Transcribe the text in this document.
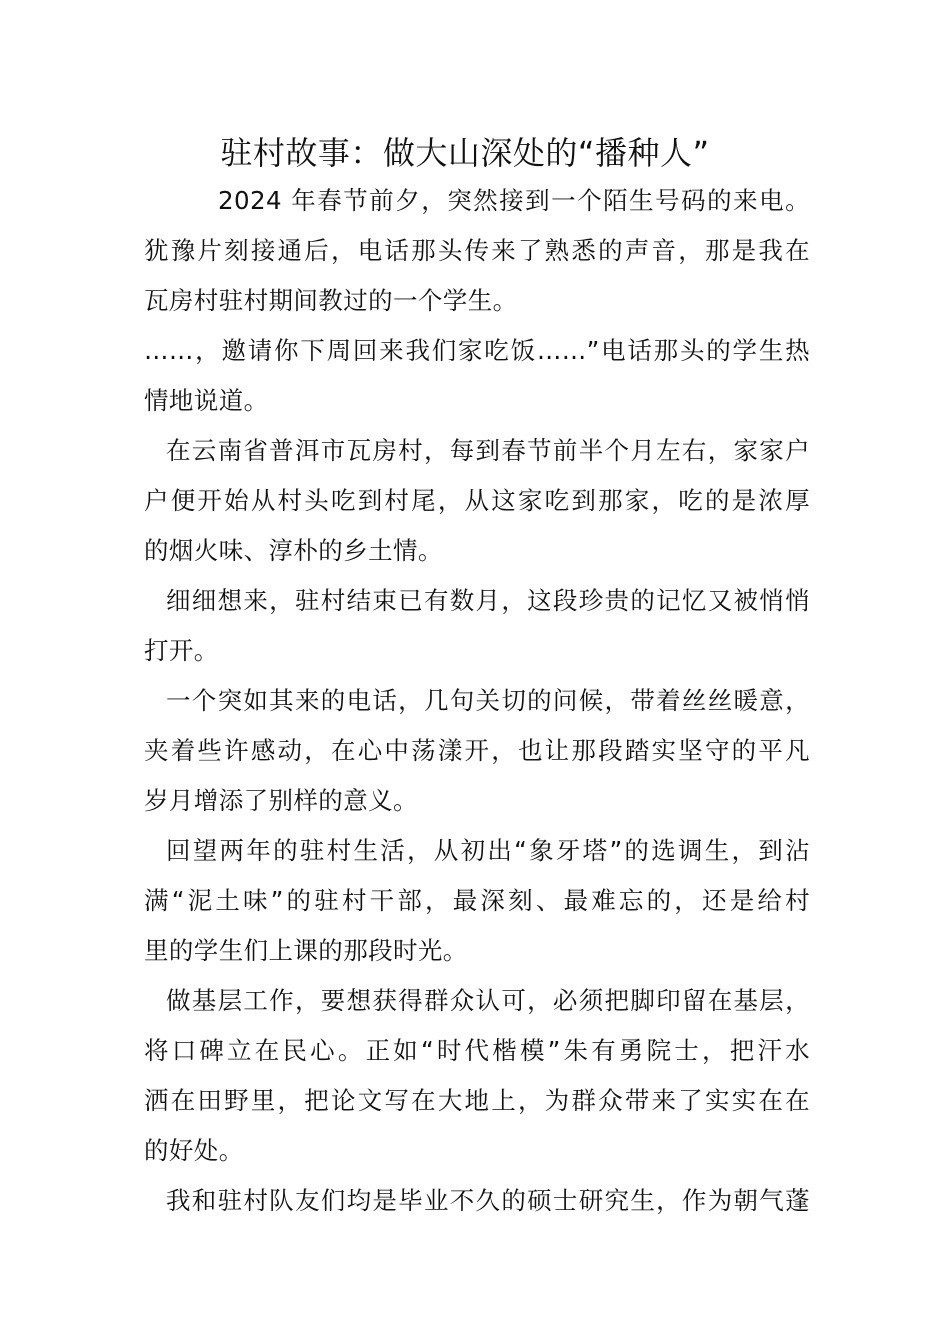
驻村故事：做大山深处的“播种人”

2024 年春节前夕，突然接到一个陌生号码的来电。

犹豫片刻接通后，电话那头传来了熟悉的声音，那是我在

瓦房村驻村期间教过的一个学生。

……，邀请你下周回来我们家吃饭……”电话那头的学生热

情地说道。

在云南省普洱市瓦房村，每到春节前半个月左右，家家户

户便开始从村头吃到村尾，从这家吃到那家，吃的是浓厚

的烟火味、淳朴的乡土情。

细细想来，驻村结束已有数月，这段珍贵的记忆又被悄悄

打开。

一个突如其来的电话，几句关切的问候，带着丝丝暖意，

夹着些许感动，在心中荡漾开，也让那段踏实坚守的平凡

岁月增添了别样的意义。

回望两年的驻村生活，从初出“象牙塔”的选调生，到沾

满“泥土味”的驻村干部，最深刻、最难忘的，还是给村

里的学生们上课的那段时光。

做基层工作，要想获得群众认可，必须把脚印留在基层，

将口碑立在民心。正如“时代楷模”朱有勇院士，把汗水

洒在田野里，把论文写在大地上，为群众带来了实实在在

的好处。

我和驻村队友们均是毕业不久的硕士研究生，作为朝气蓬
